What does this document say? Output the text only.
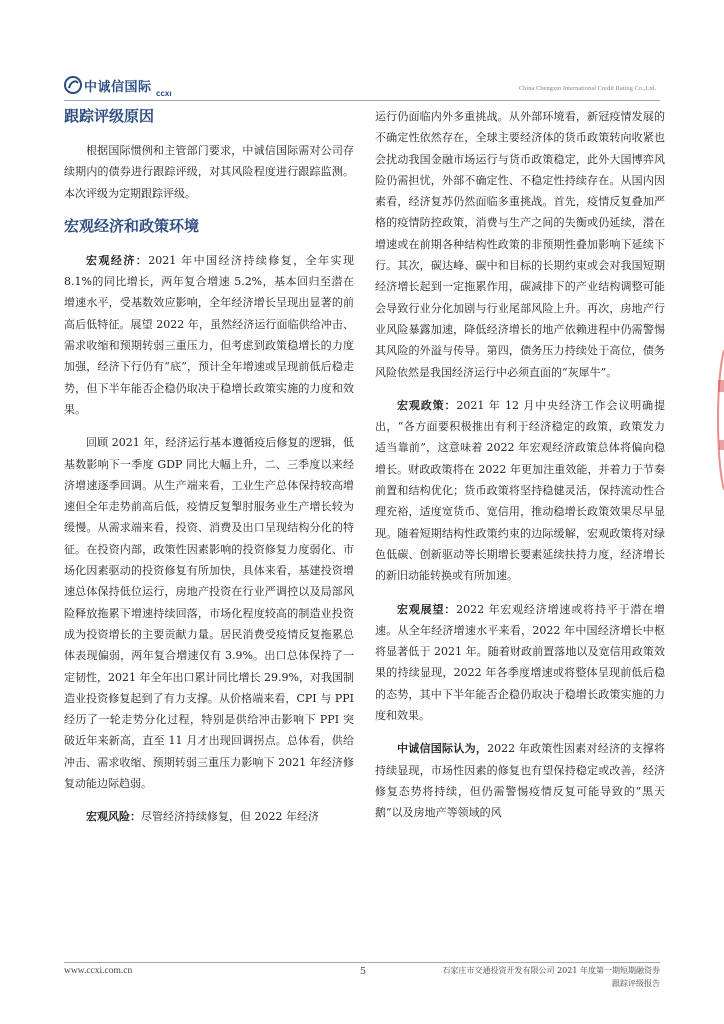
China Chengxin International Credit Rating Co.,Ltd.
中诚信国际 CCXI
跟踪评级原因

根据国际惯例和主管部门要求，中诚信国际需对公司存续期内的债券进行跟踪评级，对其风险程度进行跟踪监测。本次评级为定期跟踪评级。

宏观经济和政策环境

宏观经济：2021 年中国经济持续修复，全年实现 8.1%的同比增长，两年复合增速 5.2%，基本回归至潜在增速水平，受基数效应影响，全年经济增长呈现出显著的前高后低特征。展望 2022 年，虽然经济运行面临供给冲击、需求收缩和预期转弱三重压力，但考虑到政策稳增长的力度加强，经济下行仍有“底”，预计全年增速或呈现前低后稳走势，但下半年能否企稳仍取决于稳增长政策实施的力度和效果。

回顾 2021 年，经济运行基本遵循疫后修复的逻辑，低基数影响下一季度 GDP 同比大幅上升，二、三季度以来经济增速逐季回调。从生产端来看，工业生产总体保持较高增速但全年走势前高后低，疫情反复掣肘服务业生产增长较为缓慢。从需求端来看，投资、消费及出口呈现结构分化的特征。在投资内部，政策性因素影响的投资修复力度弱化、市场化因素驱动的投资修复有所加快，具体来看，基建投资增速总体保持低位运行，房地产投资在行业严调控以及局部风险释放拖累下增速持续回落，市场化程度较高的制造业投资成为投资增长的主要贡献力量。居民消费受疫情反复拖累总体表现偏弱，两年复合增速仅有 3.9%。出口总体保持了一定韧性，2021 年全年出口累计同比增长 29.9%，对我国制造业投资修复起到了有力支撑。从价格端来看，CPI 与 PPI 经历了一轮走势分化过程，特别是供给冲击影响下 PPI 突破近年来新高，直至 11 月才出现回调拐点。总体看，供给冲击、需求收缩、预期转弱三重压力影响下 2021 年经济修复动能边际趋弱。

宏观风险：尽管经济持续修复，但 2022 年经济

运行仍面临内外多重挑战。从外部环境看，新冠疫情发展的不确定性依然存在，全球主要经济体的货币政策转向收紧也会扰动我国金融市场运行与货币政策稳定，此外大国博弈风险仍需担忧，外部不确定性、不稳定性持续存在。从国内因素看，经济复苏仍然面临多重挑战。首先，疫情反复叠加严格的疫情防控政策，消费与生产之间的失衡或仍延续，潜在增速或在前期各种结构性政策的非预期性叠加影响下延续下行。其次，碳达峰、碳中和目标的长期约束或会对我国短期经济增长起到一定拖累作用，碳减排下的产业结构调整可能会导致行业分化加剧与行业尾部风险上升。再次，房地产行业风险暴露加速，降低经济增长的地产依赖进程中仍需警惕其风险的外溢与传导。第四，债务压力持续处于高位，债务风险依然是我国经济运行中必须直面的“灰犀牛”。

宏观政策：2021 年 12 月中央经济工作会议明确提出，“各方面要积极推出有利于经济稳定的政策，政策发力适当靠前”，这意味着 2022 年宏观经济政策总体将偏向稳增长。财政政策将在 2022 年更加注重效能，并着力于节奏前置和结构优化；货币政策将坚持稳健灵活，保持流动性合理充裕，适度宽货币、宽信用，推动稳增长政策效果尽早显现。随着短期结构性政策约束的边际缓解，宏观政策将对绿色低碳、创新驱动等长期增长要素延续扶持力度，经济增长的新旧动能转换或有所加速。

宏观展望：2022 年宏观经济增速或将持平于潜在增速。从全年经济增速水平来看，2022 年中国经济增长中枢将显著低于 2021 年。随着财政前置落地以及宽信用政策效果的持续显现，2022 年各季度增速或将整体呈现前低后稳的态势，其中下半年能否企稳仍取决于稳增长政策实施的力度和效果。

中诚信国际认为，2022 年政策性因素对经济的支撑将持续显现，市场性因素的修复也有望保持稳定或改善，经济修复态势将持续，但仍需警惕疫情反复可能导致的“黑天鹅”以及房地产等领域的风

www.ccxi.com.cn	5	石家庄市交通投资开发有限公司 2021 年度第一期短期融资券
跟踪评级报告
